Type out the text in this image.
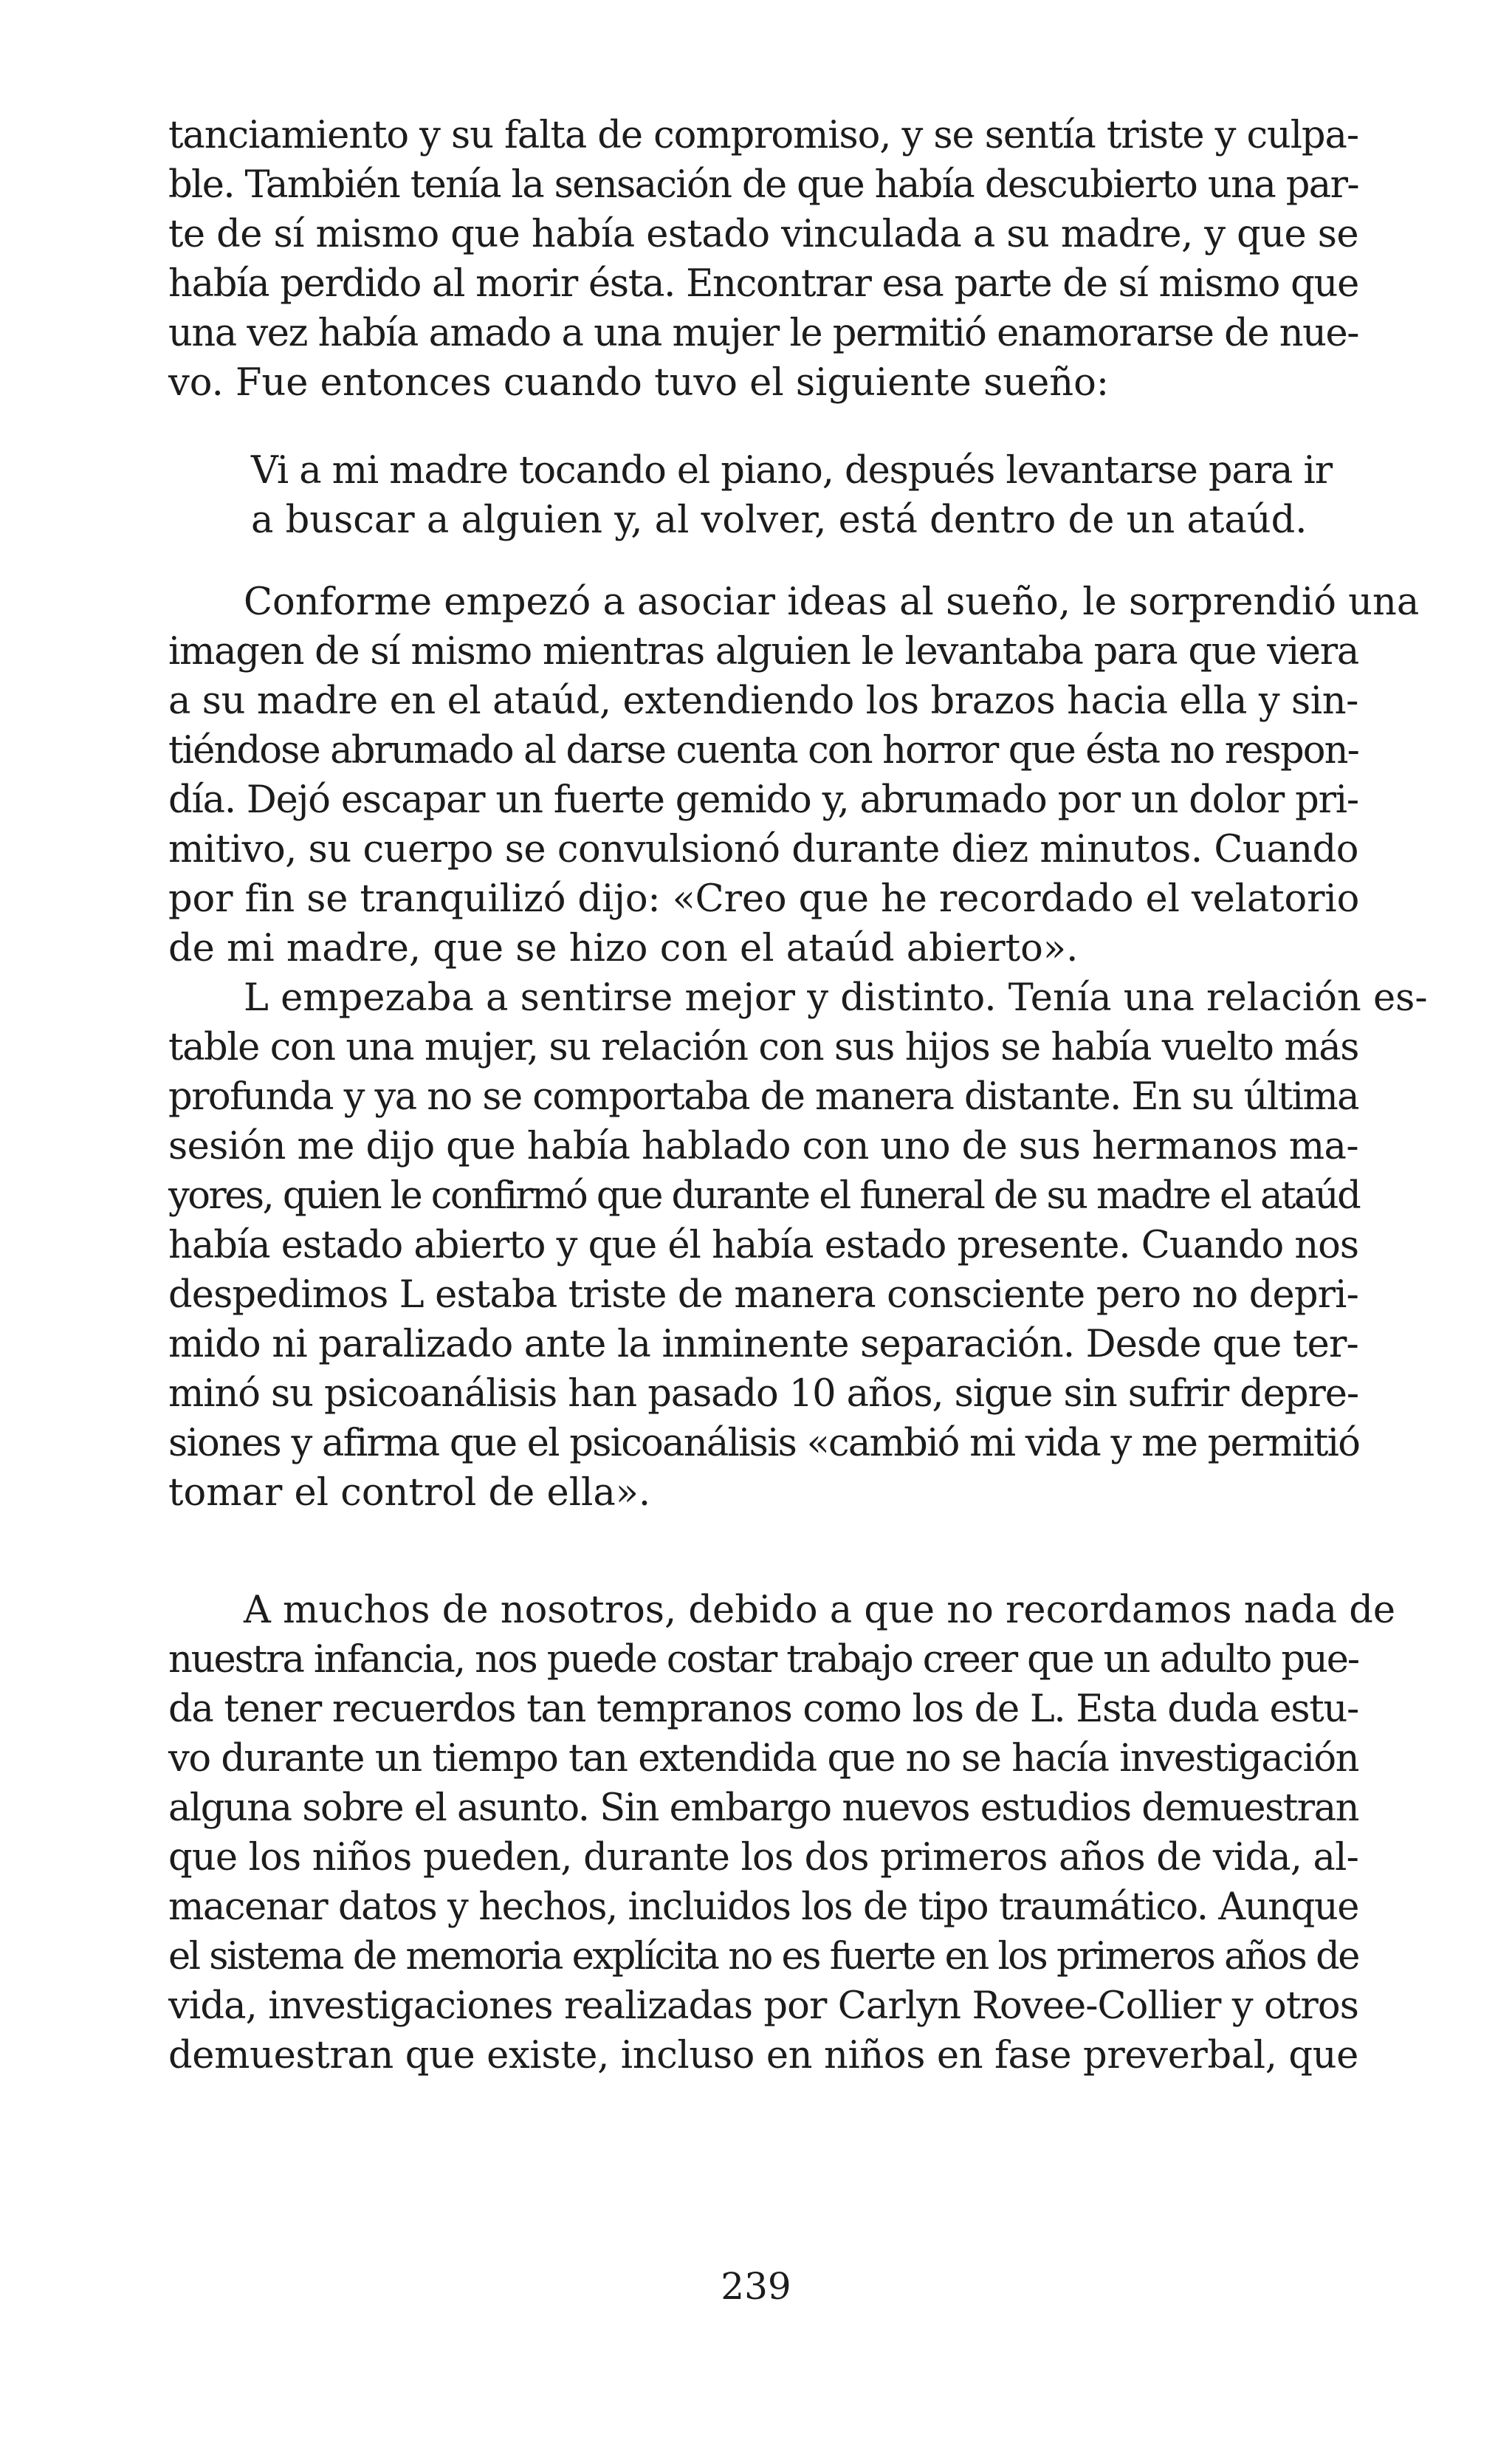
tanciamiento y su falta de compromiso, y se sentía triste y culpa-
ble. También tenía la sensación de que había descubierto una par-
te de sí mismo que había estado vinculada a su madre, y que se
había perdido al morir ésta. Encontrar esa parte de sí mismo que
una vez había amado a una mujer le permitió enamorarse de nue-
vo. Fue entonces cuando tuvo el siguiente sueño:
Vi a mi madre tocando el piano, después levantarse para ir
a buscar a alguien y, al volver, está dentro de un ataúd.
Conforme empezó a asociar ideas al sueño, le sorprendió una
imagen de sí mismo mientras alguien le levantaba para que viera
a su madre en el ataúd, extendiendo los brazos hacia ella y sin-
tiéndose abrumado al darse cuenta con horror que ésta no respon-
día. Dejó escapar un fuerte gemido y, abrumado por un dolor pri-
mitivo, su cuerpo se convulsionó durante diez minutos. Cuando
por fin se tranquilizó dijo: «Creo que he recordado el velatorio
de mi madre, que se hizo con el ataúd abierto».
L empezaba a sentirse mejor y distinto. Tenía una relación es-
table con una mujer, su relación con sus hijos se había vuelto más
profunda y ya no se comportaba de manera distante. En su última
sesión me dijo que había hablado con uno de sus hermanos ma-
yores, quien le confirmó que durante el funeral de su madre el ataúd
había estado abierto y que él había estado presente. Cuando nos
despedimos L estaba triste de manera consciente pero no depri-
mido ni paralizado ante la inminente separación. Desde que ter-
minó su psicoanálisis han pasado 10 años, sigue sin sufrir depre-
siones y afirma que el psicoanálisis «cambió mi vida y me permitió
tomar el control de ella».
A muchos de nosotros, debido a que no recordamos nada de
nuestra infancia, nos puede costar trabajo creer que un adulto pue-
da tener recuerdos tan tempranos como los de L. Esta duda estu-
vo durante un tiempo tan extendida que no se hacía investigación
alguna sobre el asunto. Sin embargo nuevos estudios demuestran
que los niños pueden, durante los dos primeros años de vida, al-
macenar datos y hechos, incluidos los de tipo traumático. Aunque
el sistema de memoria explícita no es fuerte en los primeros años de
vida, investigaciones realizadas por Carlyn Rovee-Collier y otros
demuestran que existe, incluso en niños en fase preverbal, que
239
